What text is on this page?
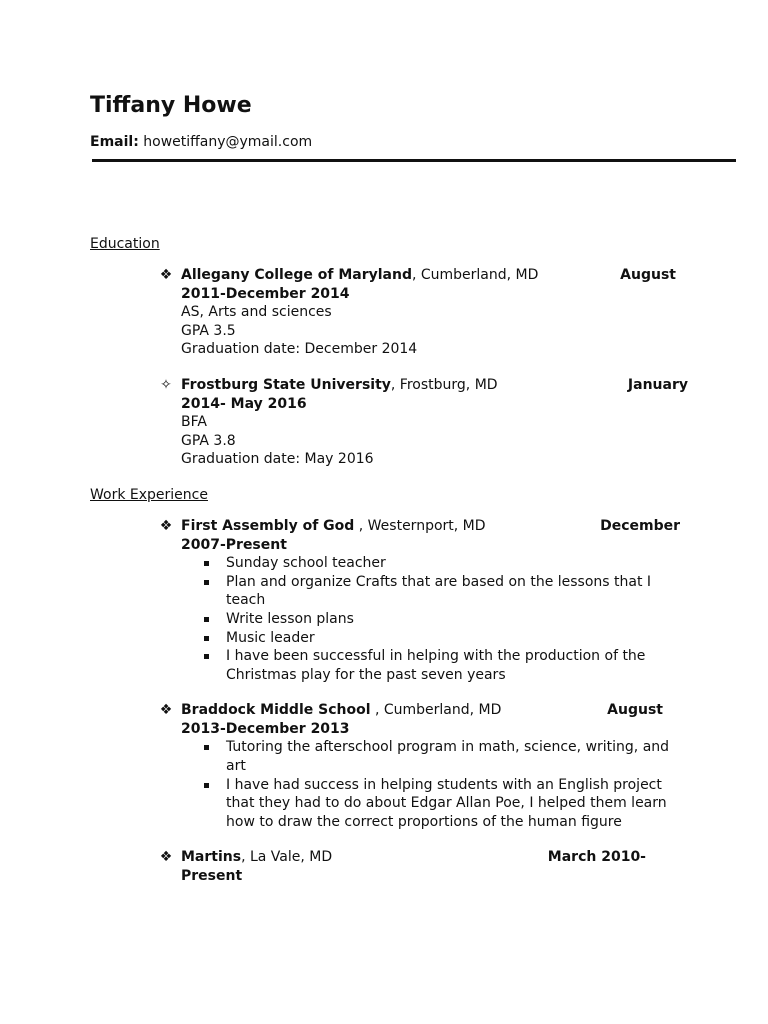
Tiffany Howe
Email: howetiffany@ymail.com
Education
❖ Allegany College of Maryland, Cumberland, MD	August
2011-December 2014
AS, Arts and sciences
GPA 3.5
Graduation date: December 2014
✧ Frostburg State University, Frostburg, MD	January
2014- May 2016
BFA
GPA 3.8
Graduation date: May 2016
Work Experience
❖ First Assembly of God , Westernport, MD	December
2007-Present
Sunday school teacher
Plan and organize Crafts that are based on the lessons that I teach
Write lesson plans
Music leader
I have been successful in helping with the production of the Christmas play for the past seven years
❖ Braddock Middle School , Cumberland, MD	August
2013-December 2013
Tutoring the afterschool program in math, science, writing, and art
I have had success in helping students with an English project that they had to do about Edgar Allan Poe, I helped them learn how to draw the correct proportions of the human figure
❖ Martins, La Vale, MD	March 2010-
Present
